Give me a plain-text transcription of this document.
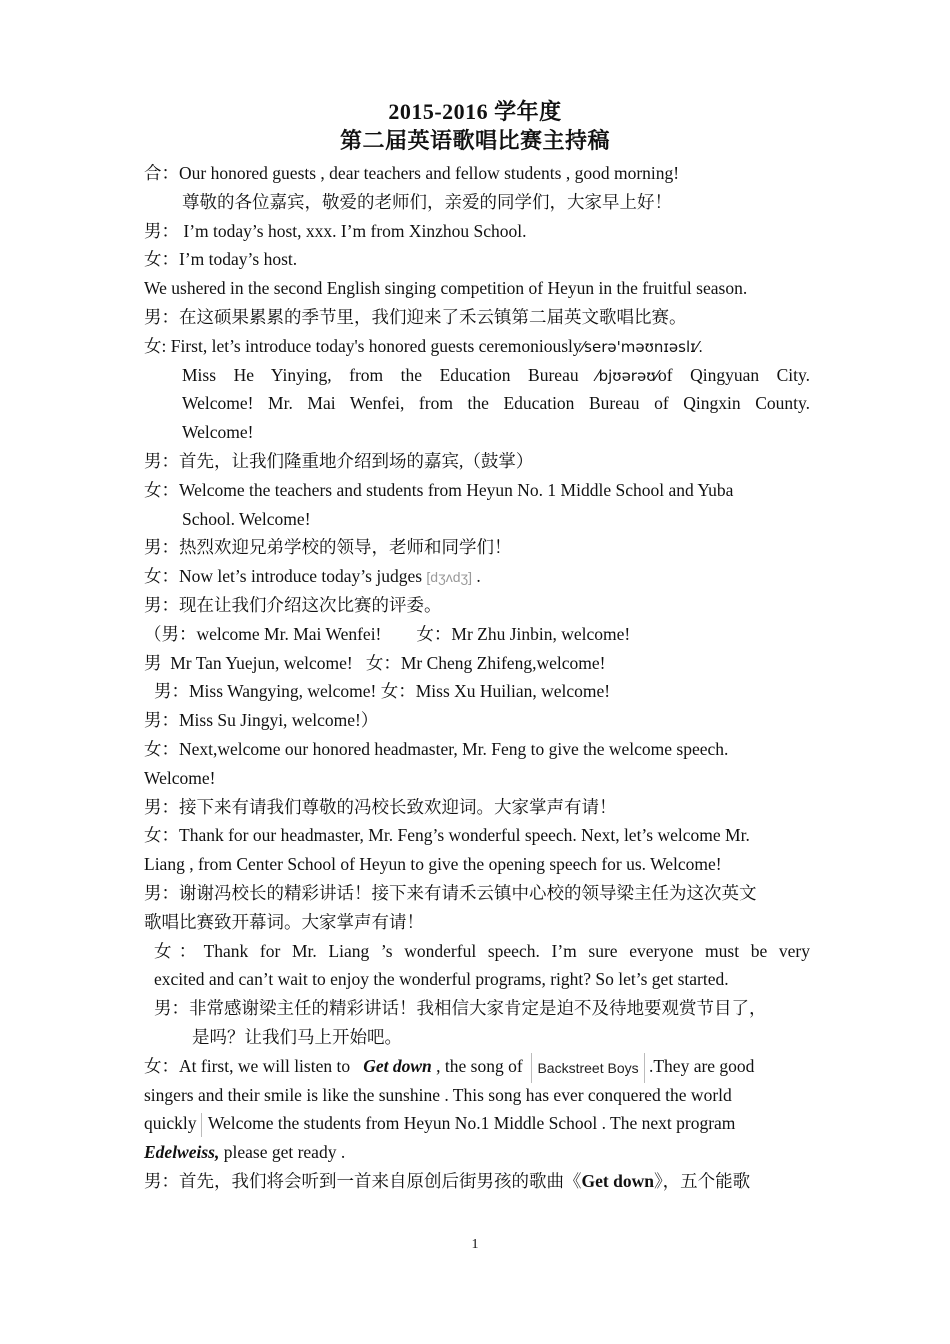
2015-2016 学年度
第二届英语歌唱比赛主持稿
合：Our honored guests , dear teachers and fellow students , good morning!
尊敬的各位嘉宾，敬爱的老师们，亲爱的同学们，大家早上好！
男： I’m today’s host, xxx. I’m from Xinzhou School.
女：I’m today’s host.
We ushered in the second English singing competition of Heyun in the fruitful season.
男：在这硕果累累的季节里，我们迎来了禾云镇第二届英文歌唱比赛。
女: First, let’s introduce today's honored guests ceremoniously⁄serə'məʊnɪəslɪ⁄.
Miss He Yinying, from the Education Bureau ⁄bjʊərəʊ⁄of Qingyuan City.
Welcome! Mr. Mai Wenfei, from the Education Bureau of Qingxin County.
Welcome!
男：首先，让我们隆重地介绍到场的嘉宾,（鼓掌）
女：Welcome the teachers and students from Heyun No. 1 Middle School and Yuba
School. Welcome!
男：热烈欢迎兄弟学校的领导，老师和同学们！
女：Now let’s introduce today’s judges [dʒʌdʒ] .
男：现在让我们介绍这次比赛的评委。
（男：welcome Mr. Mai Wenfei!        女：Mr Zhu Jinbin, welcome!
男  Mr Tan Yuejun, welcome!   女：Mr Cheng Zhifeng,welcome!
男：Miss Wangying, welcome! 女：Miss Xu Huilian, welcome!
男：Miss Su Jingyi, welcome!）
女：Next,welcome our honored headmaster, Mr. Feng to give the welcome speech.
Welcome!
男：接下来有请我们尊敬的冯校长致欢迎词。大家掌声有请！
女：Thank for our headmaster, Mr. Feng’s wonderful speech. Next, let’s welcome Mr.
Liang , from Center School of Heyun to give the opening speech for us. Welcome!
男：谢谢冯校长的精彩讲话！接下来有请禾云镇中心校的领导梁主任为这次英文
歌唱比赛致开幕词。大家掌声有请！
女：Thank for Mr. Liang ’s wonderful speech. I’m sure everyone must be very
excited and can’t wait to enjoy the wonderful programs, right? So let’s get started.
男：非常感谢梁主任的精彩讲话！我相信大家肯定是迫不及待地要观赏节目了，
是吗？让我们马上开始吧。
女：At first, we will listen to   Get down , the song of  Backstreet Boys .They are good
singers and their smile is like the sunshine . This song has ever conquered the world
quickly Welcome the students from Heyun No.1 Middle School . The next program
Edelweiss, please get ready .
男：首先，我们将会听到一首来自原创后街男孩的歌曲《Get down》，五个能歌
1
